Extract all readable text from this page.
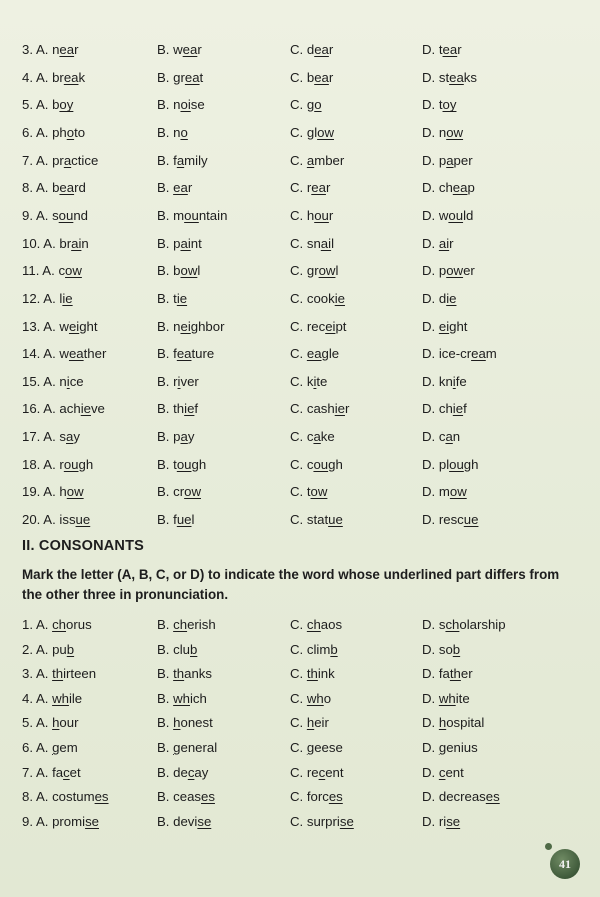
3. A. near	B. wear	C. dear	D. tear
4. A. break	B. great	C. bear	D. steaks
5. A. boy	B. noise	C. go	D. toy
6. A. photo	B. no	C. glow	D. now
7. A. practice	B. family	C. amber	D. paper
8. A. beard	B. ear	C. rear	D. cheap
9. A. sound	B. mountain	C. hour	D. would
10. A. brain	B. paint	C. snail	D. air
11. A. cow	B. bowl	C. growl	D. power
12. A. lie	B. tie	C. cookie	D. die
13. A. weight	B. neighbor	C. receipt	D. eight
14. A. weather	B. feature	C. eagle	D. ice-cream
15. A. nice	B. river	C. kite	D. knife
16. A. achieve	B. thief	C. cashier	D. chief
17. A. say	B. pay	C. cake	D. can
18. A. rough	B. tough	C. cough	D. plough
19. A. how	B. crow	C. tow	D. mow
20. A. issue	B. fuel	C. statue	D. rescue
II. CONSONANTS
Mark the letter (A, B, C, or D) to indicate the word whose underlined part differs from the other three in pronunciation.
1. A. chorus	B. cherish	C. chaos	D. scholarship
2. A. pub	B. club	C. climb	D. sob
3. A. thirteen	B. thanks	C. think	D. father
4. A. while	B. which	C. who	D. white
5. A. hour	B. honest	C. heir	D. hospital
6. A. gem	B. general	C. geese	D. genius
7. A. facet	B. decay	C. recent	D. cent
8. A. costumes	B. ceases	C. forces	D. decreases
9. A. promise	B. devise	C. surprise	D. rise
41
